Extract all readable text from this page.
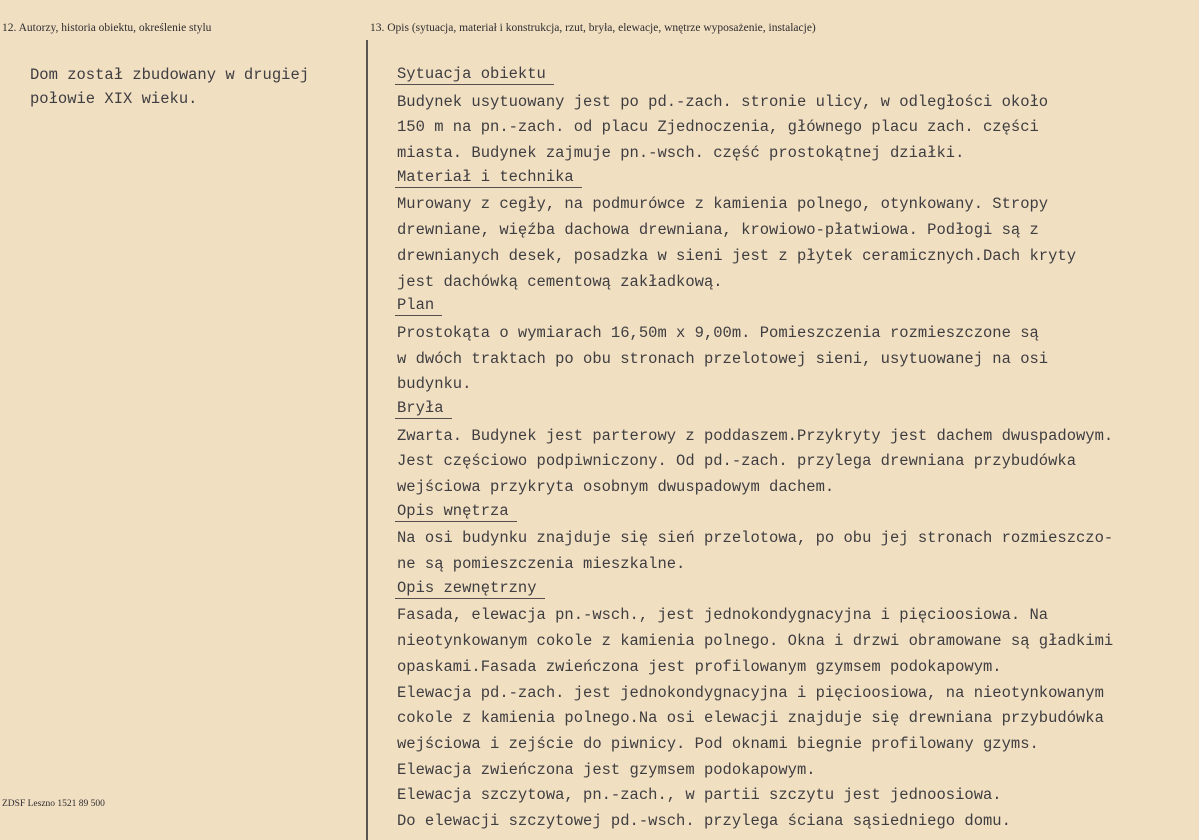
12. Autorzy, historia obiektu, określenie stylu	13. Opis (sytuacja, materiał i konstrukcja, rzut, bryła, elewacje, wnętrze wyposażenie, instalacje)
Dom został zbudowany w drugiej
połowie XIX wieku.
ZDSF Leszno 1521 89 500
Sytuacja obiektu
Budynek usytuowany jest po pd.-zach. stronie ulicy, w odległości około
150 m na pn.-zach. od placu Zjednoczenia, głównego placu zach. części
miasta. Budynek zajmuje pn.-wsch. część prostokątnej działki.
Materiał i technika
Murowany z cegły, na podmurówce z kamienia polnego, otynkowany. Stropy
drewniane, więźba dachowa drewniana, krowiowo-płatwiowa. Podłogi są z
drewnianych desek, posadzka w sieni jest z płytek ceramicznych.Dach kryty
jest dachówką cementową zakładkową.
Plan
Prostokąta o wymiarach 16,50m x 9,00m. Pomieszczenia rozmieszczone są
w dwóch traktach po obu stronach przelotowej sieni, usytuowanej na osi
budynku.
Bryła
Zwarta. Budynek jest parterowy z poddaszem.Przykryty jest dachem dwuspadowym.
Jest częściowo podpiwniczony. Od pd.-zach. przylega drewniana przybudówka
wejściowa przykryta osobnym dwuspadowym dachem.
Opis wnętrza
Na osi budynku znajduje się sień przelotowa, po obu jej stronach rozmieszczo-
ne są pomieszczenia mieszkalne.
Opis zewnętrzny
Fasada, elewacja pn.-wsch., jest jednokondygnacyjna i pięcioosiowa. Na
nieotynkowanym cokole z kamienia polnego. Okna i drzwi obramowane są gładkimi
opaskami.Fasada zwieńczona jest profilowanym gzymsem podokapowym.
Elewacja pd.-zach. jest jednokondygnacyjna i pięcioosiowa, na nieotynkowanym
cokole z kamienia polnego.Na osi elewacji znajduje się drewniana przybudówka
wejściowa i zejście do piwnicy. Pod oknami biegnie profilowany gzyms.
Elewacja zwieńczona jest gzymsem podokapowym.
Elewacja szczytowa, pn.-zach., w partii szczytu jest jednoosiowa.
Do elewacji szczytowej pd.-wsch. przylega ściana sąsiedniego domu.
